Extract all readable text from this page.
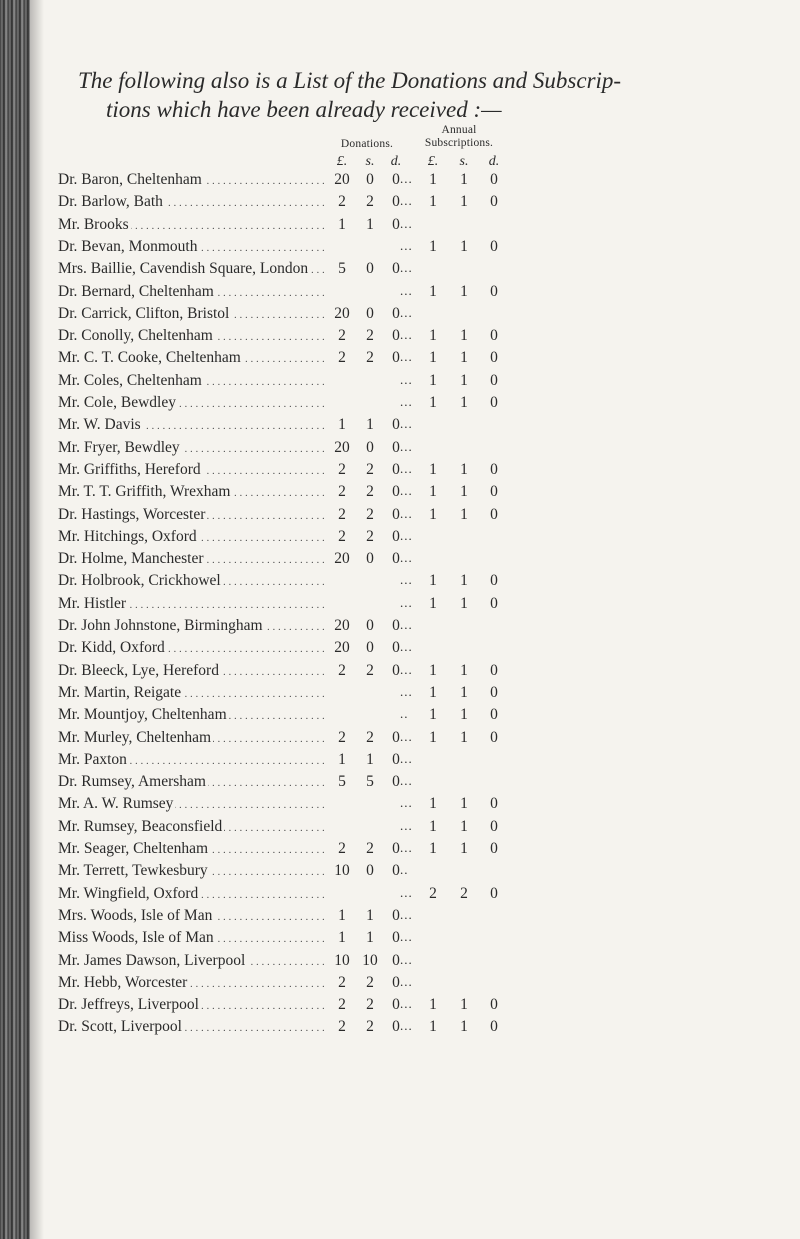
The following also is a List of the Donations and Subscrip-
tions which have been already received :—
Donations.
Annual
Subscriptions.
£.	s.	d.	£.	s.	d.
Dr. Baron, Cheltenham . . .	20	0	0 ...	1	1	0
Dr. Barlow, Bath . . .	2	2	0 ...	1	1	0
Mr. Brooks . . .	1	1	0 ...
Dr. Bevan, Monmouth . . .	...	1	1	0
Mrs. Baillie, Cavendish Square, London . . .	5	0	0 ...
Dr. Bernard, Cheltenham . . .	...	1	1	0
Dr. Carrick, Clifton, Bristol . . .	20	0	0 ...
Dr. Conolly, Cheltenham . . .	2	2	0 ...	1	1	0
Mr. C. T. Cooke, Cheltenham . . .	2	2	0 ...	1	1	0
Mr. Coles, Cheltenham . . .	...	1	1	0
Mr. Cole, Bewdley . . .	...	1	1	0
Mr. W. Davis . . .	1	1	0 ...
Mr. Fryer, Bewdley . . .	20	0	0 ...
Mr. Griffiths, Hereford . . .	2	2	0 ...	1	1	0
Mr. T. T. Griffith, Wrexham . . .	2	2	0 ...	1	1	0
Dr. Hastings, Worcester . . .	2	2	0 ...	1	1	0
Mr. Hitchings, Oxford . . .	2	2	0 ...
Dr. Holme, Manchester . . .	20	0	0 ...
Dr. Holbrook, Crickhowel . . .	...	1	1	0
Mr. Histler . . .	...	1	1	0
Dr. John Johnstone, Birmingham . . .	20	0	0 ...
Dr. Kidd, Oxford . . .	20	0	0 ...
Dr. Bleeck, Lye, Hereford . . .	2	2	0 ...	1	1	0
Mr. Martin, Reigate . . .	...	1	1	0
Mr. Mountjoy, Cheltenham . . .	..	1	1	0
Mr. Murley, Cheltenham . . .	2	2	0 ...	1	1	0
Mr. Paxton . . .	1	1	0 ...
Dr. Rumsey, Amersham . . .	5	5	0 ...
Mr. A. W. Rumsey . . .	...	1	1	0
Mr. Rumsey, Beaconsfield . . .	...	1	1	0
Mr. Seager, Cheltenham . . .	2	2	0 ...	1	1	0
Mr. Terrett, Tewkesbury . . .	10	0	0 ..
Mr. Wingfield, Oxford . . .	...	2	2	0
Mrs. Woods, Isle of Man . . .	1	1	0 ...
Miss Woods, Isle of Man . . .	1	1	0 ...
Mr. James Dawson, Liverpool . . .	10 10 0 ...
Mr. Hebb, Worcester . . .	2	2	0 ...
Dr. Jeffreys, Liverpool . . .	2	2	0 ...	1	1	0
Dr. Scott, Liverpool . . .	2	2	0 ...	1	1	0
